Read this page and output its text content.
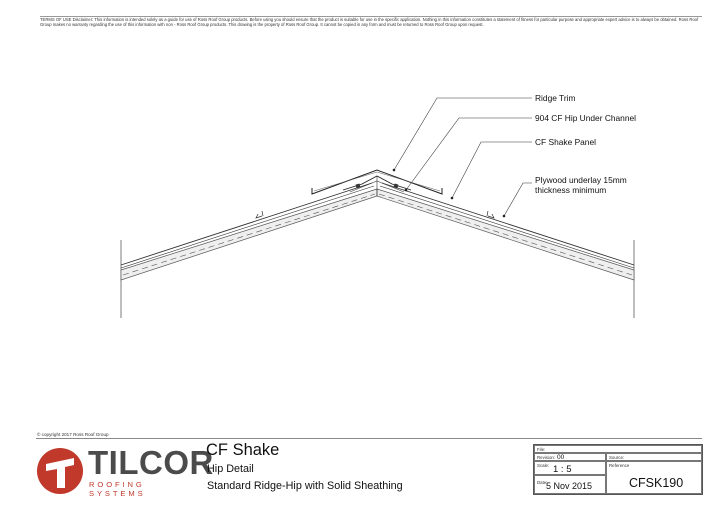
TERMS OF USE Disclaimer: This information is intended solely as a guide for use of Ross Roof Group products. Before using you should ensure that the product is suitable for use in the specific application. Nothing in this information constitutes a statement of fitness for particular purpose and appropriate expert advice is to always be obtained. Ross Roof Group makes no warranty regarding the use of this information with non - Ross Roof Group products. This drawing is the property of Ross Roof Group. It cannot be copied in any form and must be returned to Ross Roof Group upon request.
Ridge Trim
904 CF Hip Under Channel
CF Shake Panel
Plywood underlay 15mm
thickness minimum
© copyright 2017 Ross Roof Group
TILCOR
ROOFING SYSTEMS
CF Shake
Hip Detail
Standard Ridge-Hip with Solid Sheathing
File:
Revision: 00	Source:
Scale: 1 : 5	Reference
CFSK190
Date:
5 Nov 2015
